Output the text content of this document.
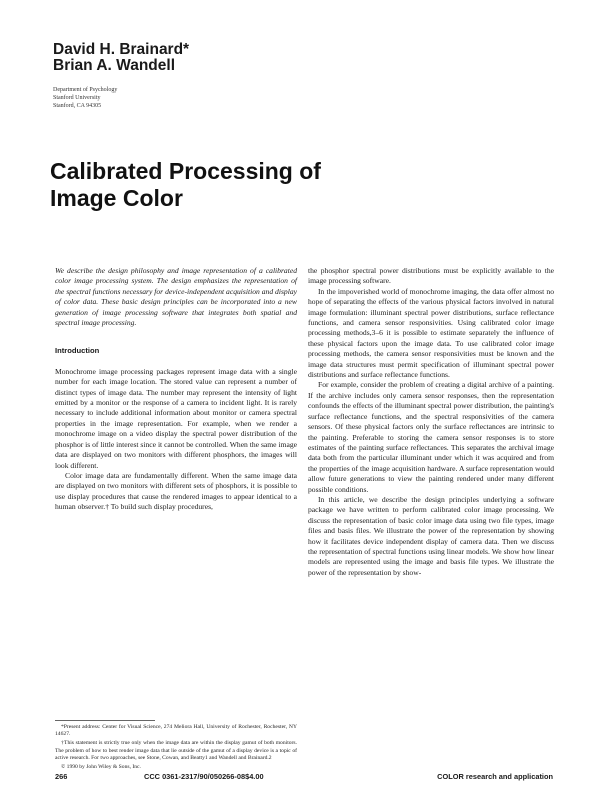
David H. Brainard*
Brian A. Wandell
Department of Psychology
Stanford University
Stanford, CA 94305
Calibrated Processing of
Image Color

We describe the design philosophy and image representation of a calibrated color image processing system. The design emphasizes the representation of the spectral functions necessary for device-independent acquisition and display of color data. These basic design principles can be incorporated into a new generation of image processing software that integrates both spatial and spectral image processing.

Introduction

Monochrome image processing packages represent image data with a single number for each image location. The stored value can represent a number of distinct types of image data. The number may represent the intensity of light emitted by a monitor or the response of a camera to incident light. It is rarely necessary to include additional information about monitor or camera spectral properties in the image representation. For example, when we render a monochrome image on a video display the spectral power distribution of the phosphor is of little interest since it cannot be controlled. When the same image data are displayed on two monitors with different phosphors, the images will look different.

Color image data are fundamentally different. When the same image data are displayed on two monitors with different sets of phosphors, it is possible to use display procedures that cause the rendered images to appear identical to a human observer.† To build such display procedures,

the phosphor spectral power distributions must be explicitly available to the image processing software.

In the impoverished world of monochrome imaging, the data offer almost no hope of separating the effects of the various physical factors involved in natural image formulation: illuminant spectral power distributions, surface reflectance functions, and camera sensor responsivities. Using calibrated color image processing methods,3–6 it is possible to estimate separately the influence of these physical factors upon the image data. To use calibrated color image processing methods, the camera sensor responsivities must be known and the image data structures must permit specification of illuminant spectral power distributions and surface reflectance functions.

For example, consider the problem of creating a digital archive of a painting. If the archive includes only camera sensor responses, then the representation confounds the effects of the illuminant spectral power distribution, the painting's surface reflectance functions, and the spectral responsivities of the camera sensors. Of these physical factors only the surface reflectances are intrinsic to the painting. Preferable to storing the camera sensor responses is to store estimates of the painting surface reflectances. This separates the archival image data both from the particular illuminant under which it was acquired and from the properties of the image acquisition hardware. A surface representation would allow future generations to view the painting rendered under many different possible conditions.

In this article, we describe the design principles underlying a software package we have written to perform calibrated color image processing. We discuss the representation of basic color image data using two file types, image files and basis files. We illustrate the power of the representation by showing how it facilitates device independent display of camera data. Then we discuss the representation of spectral functions using linear models. We show how linear models are represented using the image and basis file types. We illustrate the power of the representation by show-

*Present address: Center for Visual Science, 274 Meliora Hall, University of Rochester, Rochester, NY 14627.

†This statement is strictly true only when the image data are within the display gamut of both monitors. The problem of how to best render image data that lie outside of the gamut of a display device is a topic of active research. For two approaches, see Stone, Cowan, and Beatty1 and Wandell and Brainard.2

© 1990 by John Wiley & Sons, Inc.

266	CCC 0361-2317/90/050266-08$4.00	COLOR research and application
